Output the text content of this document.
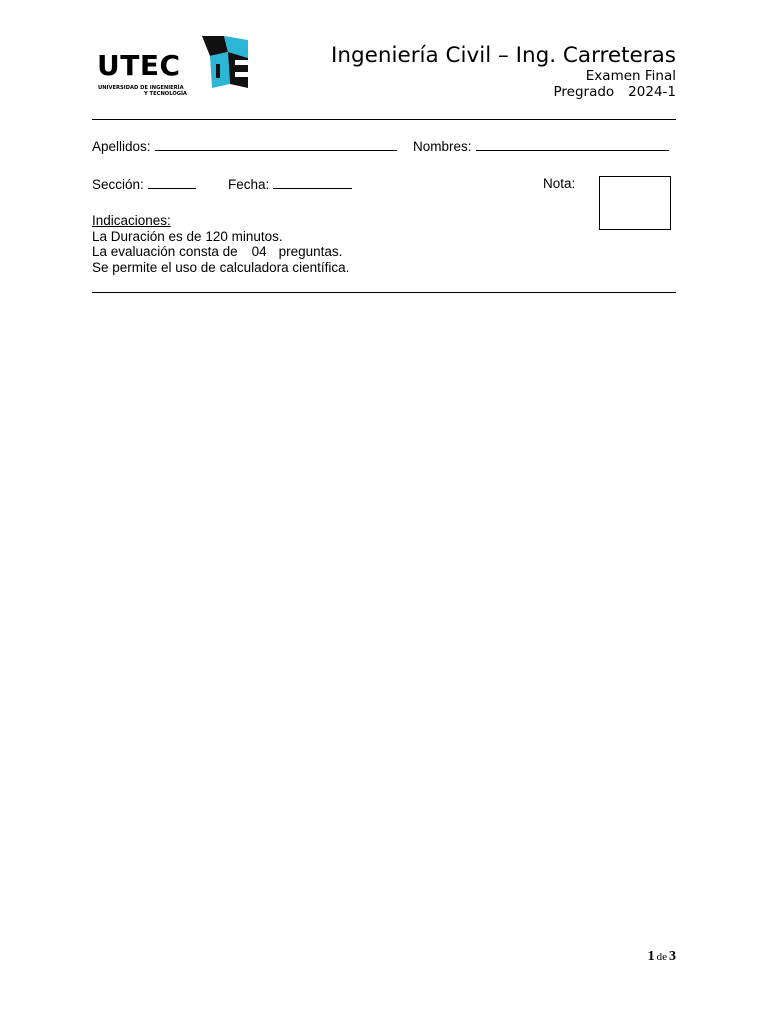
UTEC
UNIVERSIDAD DE INGENIERÍA
Y TECNOLOGÍA
Ingeniería Civil – Ing. Carreteras
Examen Final
Pregrado 2024-1
Apellidos:	Nombres:
Sección:	Fecha:	Nota:
Indicaciones:
La Duración es de 120 minutos.
La evaluación consta de 04 preguntas.
Se permite el uso de calculadora científica.
1 de 3
